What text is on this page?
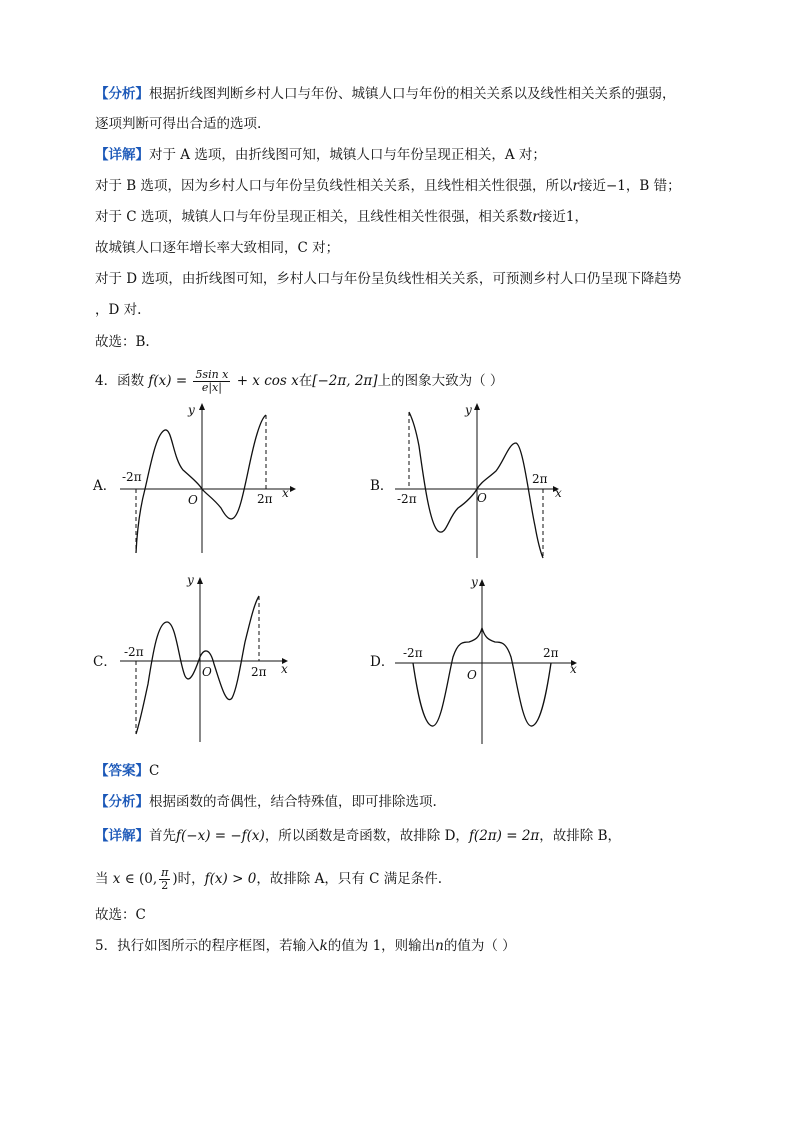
【分析】根据折线图判断乡村人口与年份、城镇人口与年份的相关关系以及线性相关关系的强弱，
逐项判断可得出合适的选项.
【详解】对于 A 选项，由折线图可知，城镇人口与年份呈现正相关，A 对；
对于 B 选项，因为乡村人口与年份呈负线性相关关系，且线性相关性很强，所以r接近−1，B 错；
对于 C 选项，城镇人口与年份呈现正相关，且线性相关性很强，相关系数r接近1，
故城镇人口逐年增长率大致相同，C 对；
对于 D 选项，由折线图可知，乡村人口与年份呈负线性相关关系，可预测乡村人口仍呈现下降趋势
，D 对.
故选：B.
4．函数 $f(x) = \frac{\text{5sin x}}{e|x|} + x$ cos x在[−2π, 2π]上的图象大致为（ ）
A．	B．
C．	D．
-2π
2π
O	x
y
-2π
2π
O	x
y
-2π
2π
O	x
y
-2π	2π
O	x
y
【答案】C
【分析】根据函数的奇偶性，结合特殊值，即可排除选项.
【详解】首先f(−x) = −f(x)，所以函数是奇函数，故排除 D，f(2π) = 2π，故排除 B，
当 x ∈ (0, $\frac{\pi}{2}$ )时，f(x) > 0，故排除 A，只有 C 满足条件.
故选：C
5．执行如图所示的程序框图，若输入k的值为 1，则输出n的值为（ ）
